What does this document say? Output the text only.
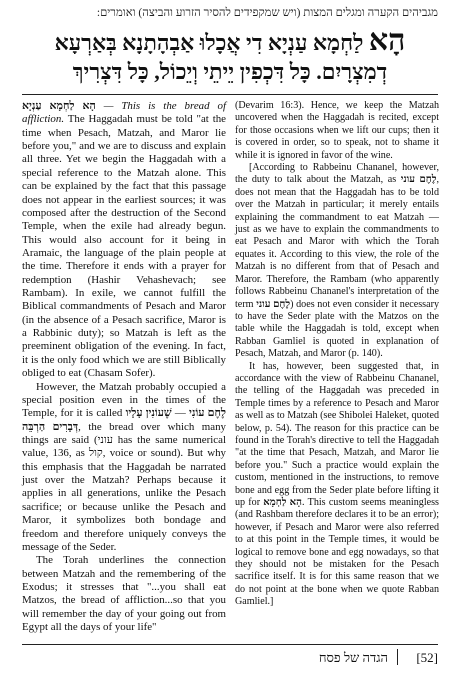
מגביהים הקערה ומגלים המצות (ויש שמקפידים להסיר הזרוע והביצה) ואומרים:
הָא לַחְמָא עַנְיָא דִי אֲכָלוּ אַבְהָתָנָא בְּאַרְעָא
דְמִצְרָיִם. כָּל דִּכְפִין יֵיתֵי וְיֵכוֹל, כָּל דִּצְרִיךְ

הָא לַחְמָא עַנְיָא — This is the bread of affliction. The Haggadah must be told "at the time when Pesach, Matzah, and Maror lie before you," and we are to discuss and explain all three. Yet we begin the Haggadah with a special reference to the Matzah alone. This can be explained by the fact that this passage does not appear in the earliest sources; it was composed after the destruction of the Second Temple, when the exile had already begun. This would also account for it being in Aramaic, the language of the plain people at the time. Therefore it ends with a prayer for redemption (Hashir Vehashevach; see Rambam). In exile, we cannot fulfill the Biblical commandments of Pesach and Maror (in the absence of a Pesach sacrifice, Maror is a Rabbinic duty); so Matzah is left as the preeminent obligation of the evening. In fact, it is the only food which we are still Biblically obliged to eat (Chasam Sofer).

However, the Matzah probably occupied a special position even in the times of the Temple, for it is called	לֶחֶם עוֹנִי — שֶׁעוֹנִין עָלָיו דְּבָרִים הַרְבֵּה, the bread over which many things are said (עוני has the same numerical value, 136, as קול, voice or sound). But why this emphasis that the Haggadah be narrated just over the Matzah? Perhaps because it applies in all generations, unlike the Pesach sacrifice; or because unlike the Pesach and Maror, it symbolizes both bondage and freedom and therefore uniquely conveys the message of the Seder.

The Torah underlines the connection between Matzah and the remembering of the Exodus; it stresses that "...you shall eat Matzos, the bread of affliction...so that you will remember the day of your going out from Egypt all the days of your life"

(Devarim 16:3). Hence, we keep the Matzah uncovered when the Haggadah is recited, except for those occasions when we lift our cups; then it is covered in order, so to speak, not to shame it while it is ignored in favor of the wine.

[According to Rabbeinu Chananel, however, the duty to talk about the Matzah, as לֶחֶם עוני, does not mean that the Haggadah has to be told over the Matzah in particular; it merely entails explaining the commandment to eat Matzah — just as we have to explain the commandments to eat Pesach and Maror with which the Torah equates it. According to this view, the role of the Matzah is no different from that of Pesach and Maror. Therefore, the Rambam (who apparently follows Rabbeinu Chananel's interpretation of the term לֶחֶם עוני) does not even consider it necessary to have the Seder plate with the Matzos on the table while the Haggadah is told, except when Rabban Gamliel is quoted in explanation of Pesach, Matzah, and Maror (p. 140).

It has, however, been suggested that, in accordance with the view of Rabbeinu Chananel, the telling of the Haggadah was preceded in Temple times by a reference to Pesach and Maror as well as to Matzah (see Shibolei Haleket, quoted below, p. 54). The reason for this practice can be found in the Torah's directive to tell the Haggadah "at the time that Pesach, Matzah, and Maror lie before you." Such a practice would explain the custom, mentioned in the instructions, to remove bone and egg from the Seder plate before lifting it up for הָא לַחְמָא. This custom seems meaningless (and Rashbam therefore declares it to be an error); however, if Pesach and Maror were also referred to at this point in the Temple times, it would be logical to remove bone and egg nowadays, so that they should not be mistaken for the Pesach sacrifice itself. It is for this same reason that we do not point at the bone when we quote Rabban Gamliel.]

הגדה של פסח [52]
